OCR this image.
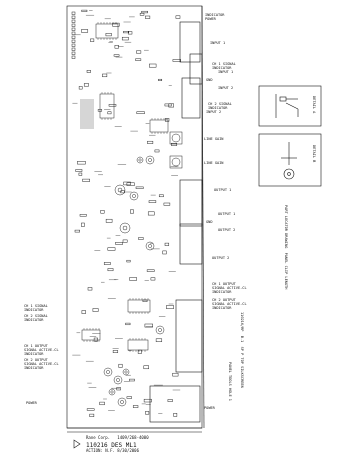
INDICATOR
POWER

INPUT 1

CH 1 SIGNAL
INDICATOR

INPUT 1
GND
INPUT 2

CH 2 SIGNAL
INDICATOR

INPUT 2
LINE GAIN
LINE GAIN
OUTPUT 1
OUTPUT 1
GND
OUTPUT 2
OUTPUT 2

CH 1 OUTPUT
SIGNAL ACTIVE-CL
INDICATOR

CH 2 OUTPUT
SIGNAL ACTIVE-CL
INDICATOR

POWER

CH 1 SIGNAL
INDICATOR

CH 2 SIGNAL
INDICATOR

CH 1 OUTPUT
SIGNAL ACTIVE-CL
INDICATOR

CH 2 OUTPUT
SIGNAL ACTIVE-CL
INDICATOR

POWER
DETAIL A
DETAIL B
PART LOCATOR DRAWING  PANEL CLIP LENGTH
110216/RP  B.1  SP P TOP SILKSCREEN
PANEL TOOLS HOLE 1
Rane Corp.   1409/268-4000
110216 DES ML1
ACTION: N.F. 8/30/2006
